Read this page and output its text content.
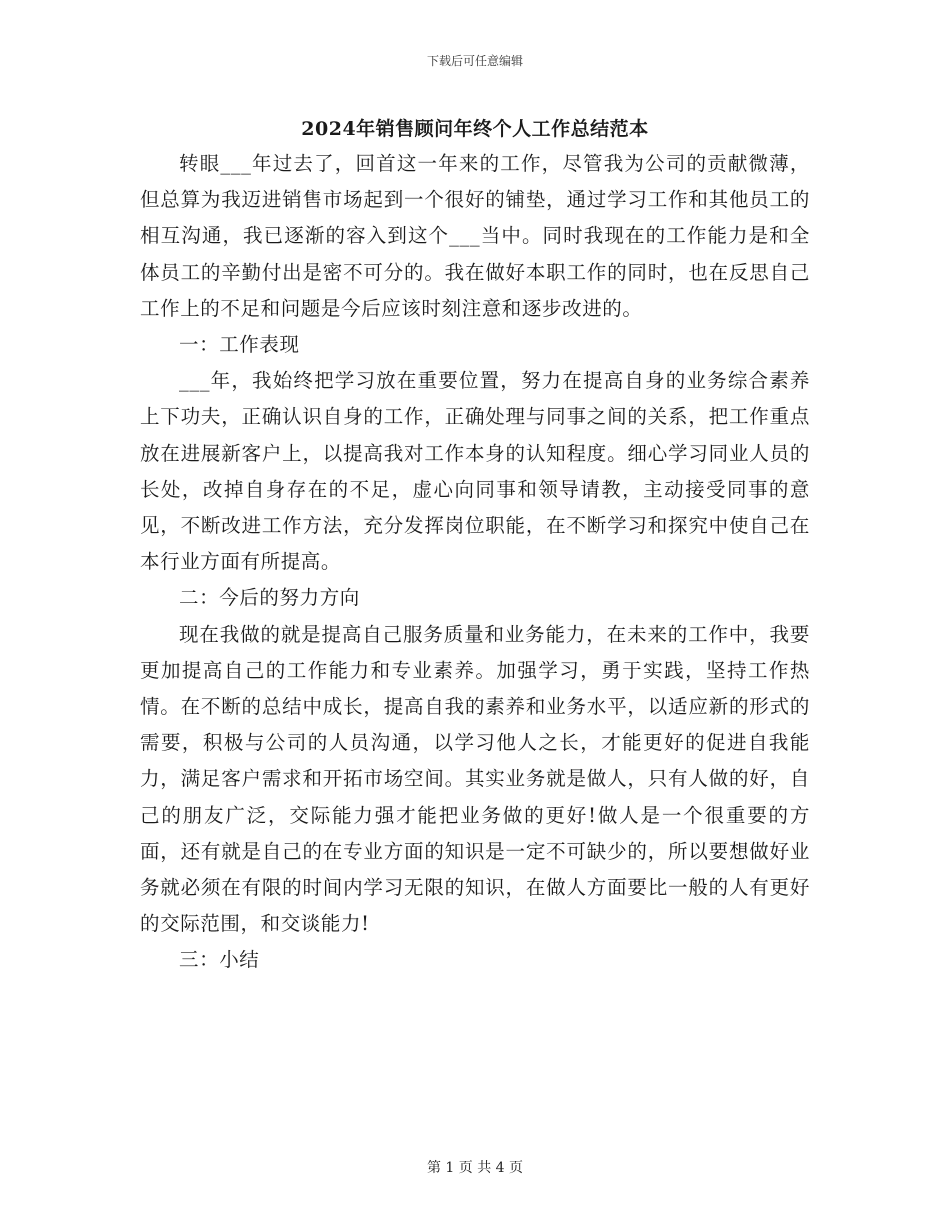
下载后可任意编辑
2024年销售顾问年终个人工作总结范本

转眼___年过去了，回首这一年来的工作，尽管我为公司的贡献微薄，但总算为我迈进销售市场起到一个很好的铺垫，通过学习工作和其他员工的相互沟通，我已逐渐的容入到这个___当中。同时我现在的工作能力是和全体员工的辛勤付出是密不可分的。我在做好本职工作的同时，也在反思自己工作上的不足和问题是今后应该时刻注意和逐步改进的。

一：工作表现

___年，我始终把学习放在重要位置，努力在提高自身的业务综合素养上下功夫，正确认识自身的工作，正确处理与同事之间的关系，把工作重点放在进展新客户上，以提高我对工作本身的认知程度。细心学习同业人员的长处，改掉自身存在的不足，虚心向同事和领导请教，主动接受同事的意见，不断改进工作方法，充分发挥岗位职能，在不断学习和探究中使自己在本行业方面有所提高。

二：今后的努力方向

现在我做的就是提高自己服务质量和业务能力，在未来的工作中，我要更加提高自己的工作能力和专业素养。加强学习，勇于实践，坚持工作热情。在不断的总结中成长，提高自我的素养和业务水平，以适应新的形式的需要，积极与公司的人员沟通，以学习他人之长，才能更好的促进自我能力，满足客户需求和开拓市场空间。其实业务就是做人，只有人做的好，自己的朋友广泛，交际能力强才能把业务做的更好!做人是一个很重要的方面，还有就是自己的在专业方面的知识是一定不可缺少的，所以要想做好业务就必须在有限的时间内学习无限的知识，在做人方面要比一般的人有更好的交际范围，和交谈能力!

三：小结

第 1 页 共 4 页
